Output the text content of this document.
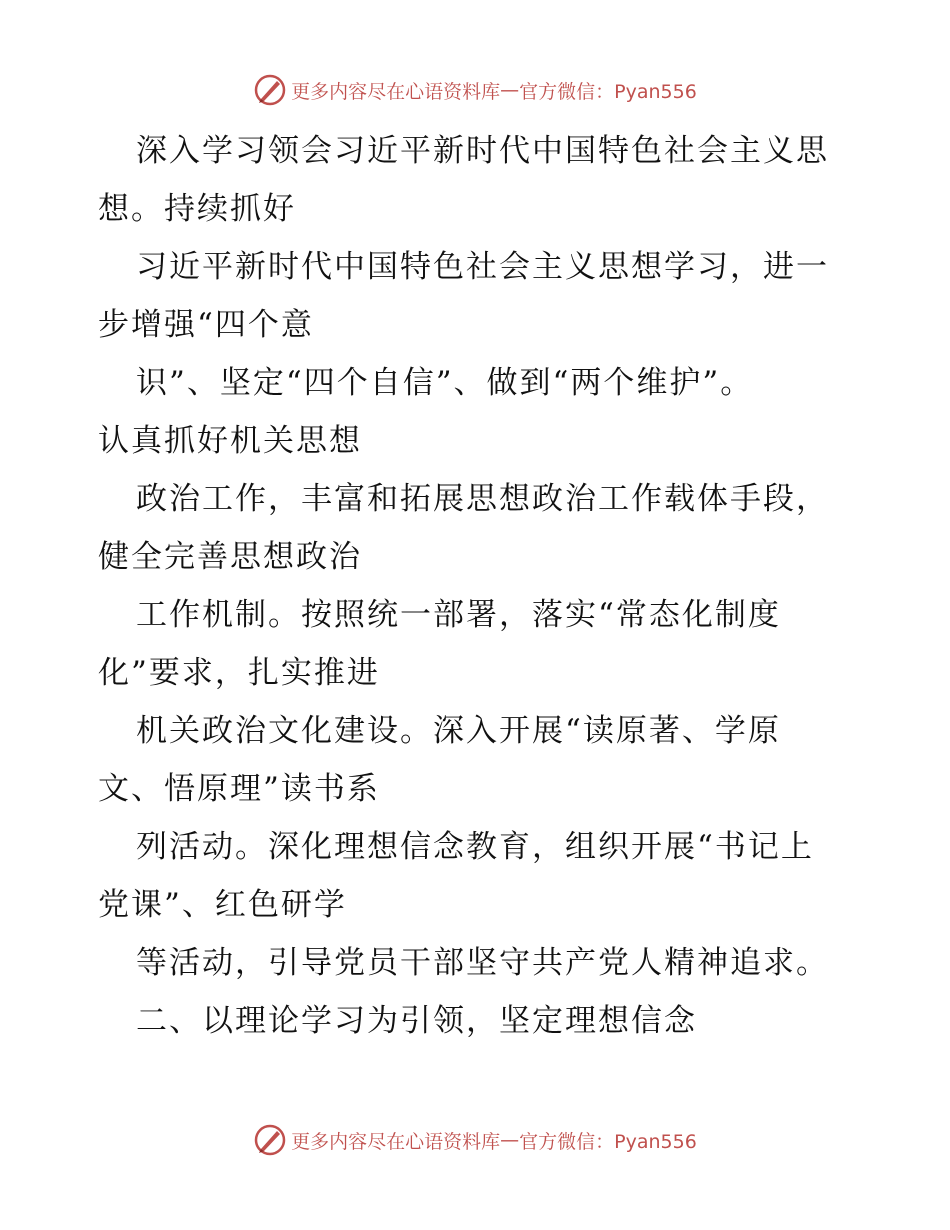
更多内容尽在心语资料库 — 官方微信：Pyan556
深入学习领会习近平新时代中国特色社会主义思
想。持续抓好
习近平新时代中国特色社会主义思想学习，进一
步增强“四个意
识”、坚定“四个自信”、做到“两个维护”。
认真抓好机关思想
政治工作，丰富和拓展思想政治工作载体手段，
健全完善思想政治
工作机制。按照统一部署，落实“常态化制度
化”要求，扎实推进
机关政治文化建设。深入开展“读原著、学原
文、悟原理”读书系
列活动。深化理想信念教育，组织开展“书记上
党课”、红色研学
等活动，引导党员干部坚守共产党人精神追求。
二、以理论学习为引领，坚定理想信念
更多内容尽在心语资料库 — 官方微信：Pyan556
